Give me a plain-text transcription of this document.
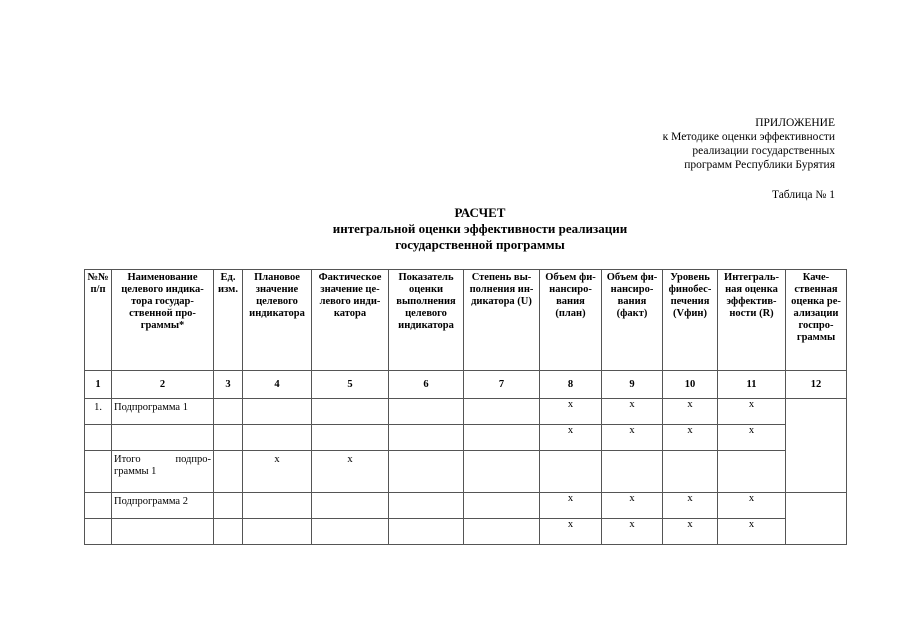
ПРИЛОЖЕНИЕ
к Методике оценки эффективности
реализации государственных
программ Республики Бурятия
Таблица № 1
РАСЧЕТ
интегральной оценки эффективности реализации
государственной программы
№№ п/п	Наименование целевого индика- тора государ- ственной про- граммы*	Ед. изм.	Плановое значение целевого индикатора	Фактическое значение це- левого инди- катора	Показатель оценки выполнения целевого индикатора	Степень вы- полнения ин- дикатора (U)	Объем фи- нансиро- вания (план)	Объем фи- нансиро- вания (факт)	Уровень финобес- печения (Vфин)	Интеграль- ная оценка эффектив- ности (R)	Каче- ственная оценка ре- ализации госпро- граммы
1	2	3	4	5	6	7	8	9	10	11	12
1.	Подпрограмма 1						x	x	x	x	
							x	x	x	x	
	Итого подпро- граммы 1		x	x							
	Подпрограмма 2						x	x	x	x	
							x	x	x	x	
